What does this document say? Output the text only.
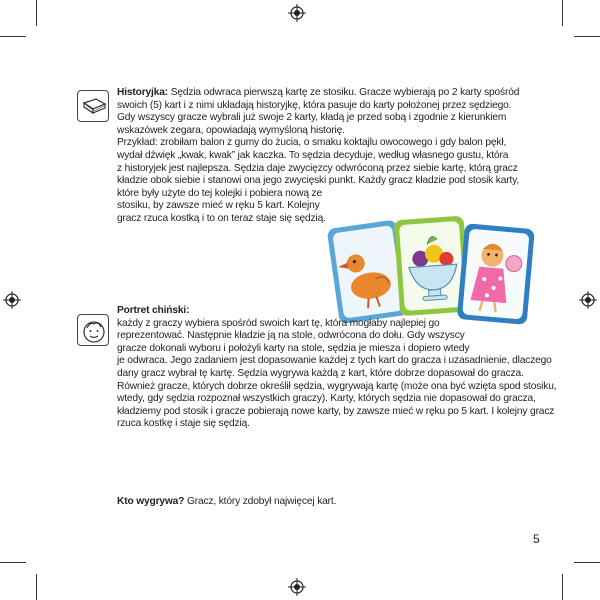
Historyjka: Sędzia odwraca pierwszą kartę ze stosiku. Gracze wybierają po 2 karty spośród

swoich (5) kart i z nimi układają historyjkę, która pasuje do karty położonej przez sędziego.

Gdy wszyscy gracze wybrali już swoje 2 karty, kładą je przed sobą i zgodnie z kierunkiem

wskazówek zegara, opowiadają wymyśloną historię.

Przykład: zrobiłam balon z gumy do żucia, o smaku koktajlu owocowego i gdy balon pękł,

wydał dźwięk „kwak, kwak” jak kaczka. To sędzia decyduje, według własnego gustu, która

z historyjek jest najlepsza. Sędzia daje zwycięzcy odwróconą przez siebie kartę, którą gracz

kładzie obok siebie i stanowi ona jego zwycięski punkt. Każdy gracz kładzie pod stosik karty,

które były użyte do tej kolejki i pobiera nową ze

stosiku, by zawsze mieć w ręku 5 kart. Kolejny

gracz rzuca kostką i to on teraz staje się sędzią.

Portret chiński:

każdy z graczy wybiera spośród swoich kart tę, która mogłaby najlepiej go

reprezentować. Następnie kładzie ją na stole, odwrócona do dołu. Gdy wszyscy

gracze dokonali wyboru i położyli karty na stole, sędzia je miesza i dopiero wtedy

je odwraca. Jego zadaniem jest dopasowanie każdej z tych kart do gracza i uzasadnienie, dlaczego

dany gracz wybrał tę kartę. Sędzia wygrywa każdą z kart, które dobrze dopasował do gracza.

Również gracze, których dobrze określił sędzia, wygrywają kartę (może ona być wzięta spod stosiku,

wtedy, gdy sędzia rozpoznał wszystkich graczy). Karty, których sędzia nie dopasował do gracza,

kładziemy pod stosik i gracze pobierają nowe karty, by zawsze mieć w ręku po 5 kart. I kolejny gracz

rzuca kostkę i staje się sędzią.

Kto wygrywa? Gracz, który zdobył najwięcej kart.
5
